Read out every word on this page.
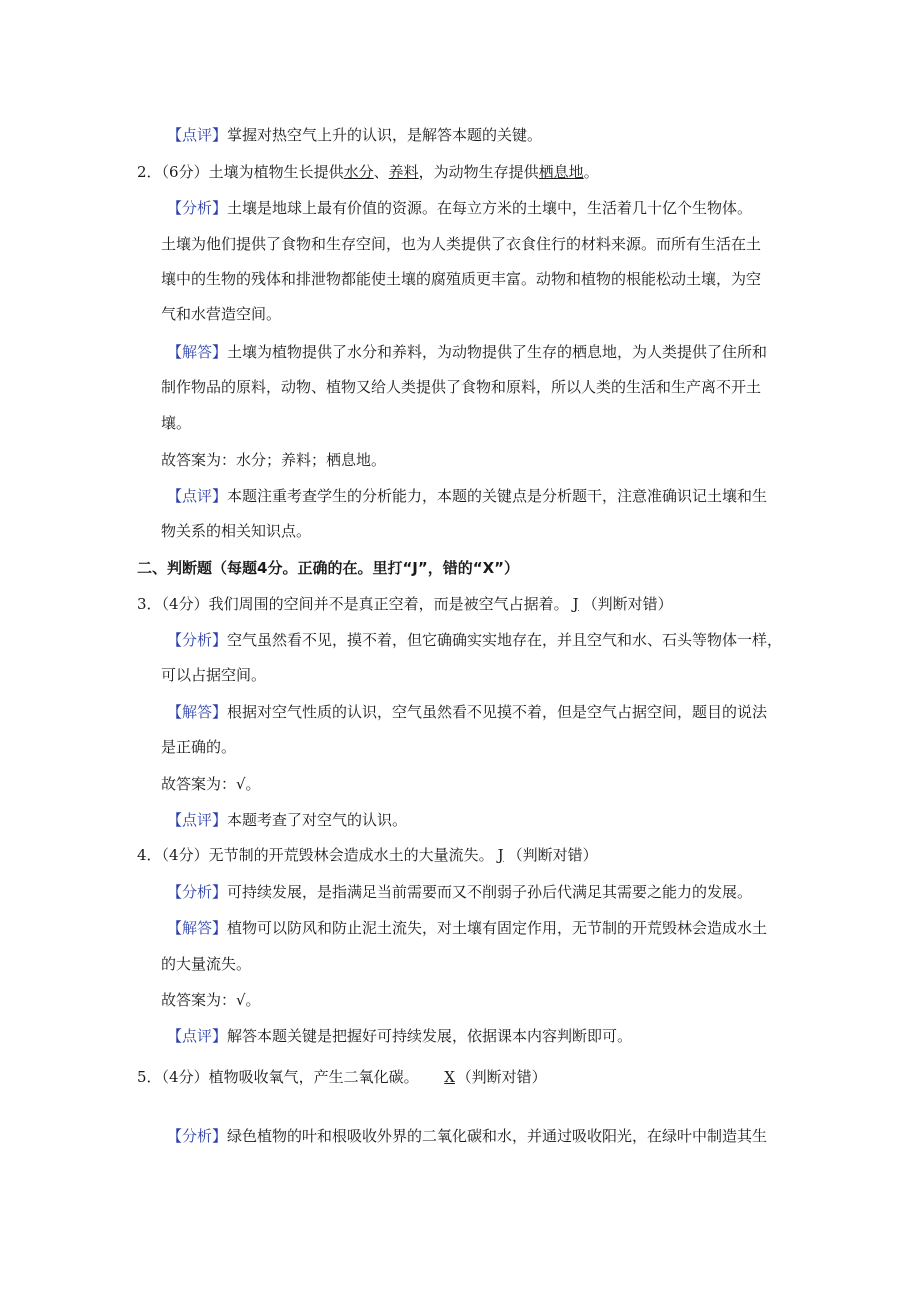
【点评】掌握对热空气上升的认识，是解答本题的关键。
2．（6分）土壤为植物生长提供水分、养料，为动物生存提供栖息地。
【分析】土壤是地球上最有价值的资源。在每立方米的土壤中，生活着几十亿个生物体。
土壤为他们提供了食物和生存空间，也为人类提供了衣食住行的材料来源。而所有生活在土
壤中的生物的残体和排泄物都能使土壤的腐殖质更丰富。动物和植物的根能松动土壤，为空
气和水营造空间。
【解答】土壤为植物提供了水分和养料，为动物提供了生存的栖息地，为人类提供了住所和
制作物品的原料，动物、植物又给人类提供了食物和原料，所以人类的生活和生产离不开土
壤。
故答案为：水分；养料；栖息地。
【点评】本题注重考查学生的分析能力，本题的关键点是分析题干，注意准确识记土壤和生
物关系的相关知识点。
二、判断题（每题4分。正确的在。里打“J”，错的“X”）
3．（4分）我们周围的空间并不是真正空着，而是被空气占据着。 J （判断对错）
【分析】空气虽然看不见，摸不着，但它确确实实地存在，并且空气和水、石头等物体一样，
可以占据空间。
【解答】根据对空气性质的认识，空气虽然看不见摸不着，但是空气占据空间，题目的说法
是正确的。
故答案为：√。
【点评】本题考查了对空气的认识。
4．（4分）无节制的开荒毁林会造成水土的大量流失。 J （判断对错）
【分析】可持续发展，是指满足当前需要而又不削弱子孙后代满足其需要之能力的发展。
【解答】植物可以防风和防止泥土流失，对土壤有固定作用，无节制的开荒毁林会造成水土
的大量流失。
故答案为：√。
【点评】解答本题关键是把握好可持续发展，依据课本内容判断即可。
5．（4分）植物吸收氧气，产生二氧化碳。 X （判断对错）
【分析】绿色植物的叶和根吸收外界的二氧化碳和水，并通过吸收阳光，在绿叶中制造其生
